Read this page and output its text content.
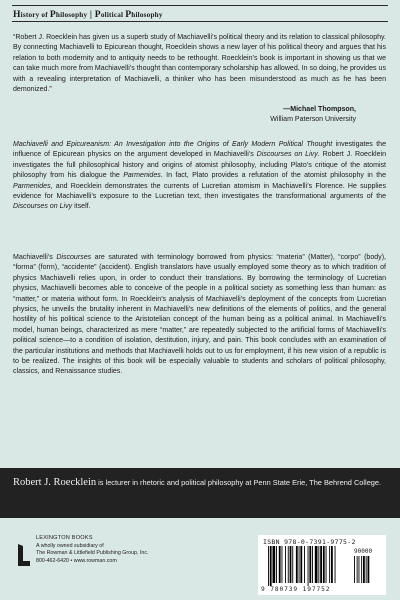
History of Philosophy | Political Philosophy

“Robert J. Roecklein has given us a superb study of Machiavelli’s political theory and its relation to classical philosophy. By connecting Machiavelli to Epicurean thought, Roecklein shows a new layer of his political theory and argues that his relation to both modernity and to antiquity needs to be rethought. Roecklein’s book is important in showing us that we can take much more from Machiavelli’s thought than contemporary scholarship has allowed. In so doing, he provides us with a revealing interpretation of Machiavelli, a thinker who has been misunderstood as much as he has been demonized.”

—Michael Thompson,
William Paterson University

Machiavelli and Epicureanism: An Investigation into the Origins of Early Modern Political Thought investigates the influence of Epicurean physics on the argument developed in Machiavelli’s Discourses on Livy. Robert J. Roecklein investigates the full philosophical history and origins of atomist philosophy, including Plato’s critique of the atomist philosophy from his dialogue the Parmenides. In fact, Plato provides a refutation of the atomist philosophy in the Parmenides, and Roecklein demonstrates the currents of Lucretian atomism in Machiavelli’s Florence. He supplies evidence for Machiavelli’s exposure to the Lucretian text, then investigates the transformational arguments of the Discourses on Livy itself.

Machiavelli’s Discourses are saturated with terminology borrowed from physics: “materia” (Matter), “corpo” (body), “forma” (form), “accidente” (accident). English translators have usually employed some theory as to which tradition of physics Machiavelli relies upon, in order to conduct their translations. By borrowing the terminology of Lucretian physics, Machiavelli becomes able to conceive of the people in a political society as something less than human: as “matter,” or materia without form. In Roecklein’s analysis of Machiavelli’s deployment of the concepts from Lucretian physics, he unveils the brutality inherent in Machiavelli’s new definitions of the elements of politics, and the general hostility of his political science to the Aristotelian concept of the human being as a political animal. In Machiavelli’s model, human beings, characterized as mere “matter,” are repeatedly subjected to the artificial forms of Machiavelli’s political science—to a condition of isolation, destitution, injury, and pain. This book concludes with an examination of the particular institutions and methods that Machiavelli holds out to us for employment, if his new vision of a republic is to be realized. The insights of this book will be especially valuable to students and scholars of political philosophy, classics, and Renaissance studies.

Robert J. Roecklein is lecturer in rhetoric and political philosophy at Penn State Erie, The Behrend College.

LEXINGTON BOOKS
A wholly owned subsidiary of
The Rowman & Littlefield Publishing Group, Inc.
800-462-6420 • www.rowman.com
ISBN 978-0-7391-9775-2
90000
9 780739 197752
